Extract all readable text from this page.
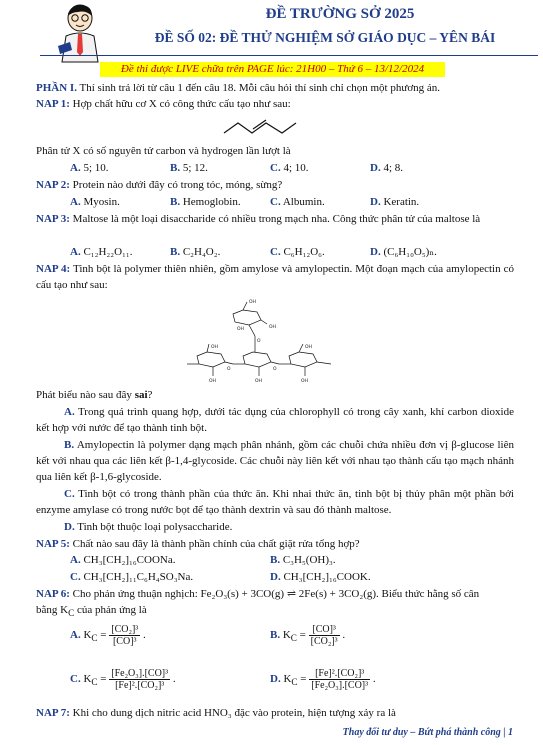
ĐỀ TRƯỜNG SỞ 2025
ĐỀ SỐ 02: ĐỀ THỬ NGHIỆM SỞ GIÁO DỤC – YÊN BÁI
Đề thi được LIVE chữa trên PAGE lúc: 21H00 – Thứ 6 – 13/12/2024
PHẦN I. Thí sinh trả lời từ câu 1 đến câu 18. Mỗi câu hỏi thí sinh chỉ chọn một phương án.
NAP 1: Hợp chất hữu cơ X có công thức cấu tạo như sau:
Phân tử X có số nguyên tử carbon và hydrogen lần lượt là
A. 5; 10.	B. 5; 12.	C. 4; 10.	D. 4; 8.
NAP 2: Protein nào dưới đây có trong tóc, móng, sừng?
A. Myosin.	B. Hemoglobin.	C. Albumin.	D. Keratin.
NAP 3: Maltose là một loại disaccharide có nhiều trong mạch nha. Công thức phân tử của maltose là
A. C₁₂H₂₂O₁₁.	B. C₂H₄O₂.	C. C₆H₁₂O₆.	D. (C₆H₁₀O₅)ₙ.
NAP 4: Tinh bột là polymer thiên nhiên, gồm amylose và amylopectin. Một đoạn mạch của amylopectin có cấu tạo như sau:
OH
OH	OH
O
OH	OH
OH	OH	OH
O	O
Phát biểu nào sau đây sai?
A. Trong quá trình quang hợp, dưới tác dụng của chlorophyll có trong cây xanh, khí carbon dioxide kết hợp với nước để tạo thành tinh bột.
B. Amylopectin là polymer dạng mạch phân nhánh, gồm các chuỗi chứa nhiều đơn vị β-glucose liên kết với nhau qua các liên kết β-1,4-glycoside. Các chuỗi này liên kết với nhau tạo thành cấu tạo mạch nhánh qua liên kết β-1,6-glycoside.
C. Tinh bột có trong thành phần của thức ăn. Khi nhai thức ăn, tinh bột bị thủy phân một phần bởi enzyme amylase có trong nước bọt để tạo thành dextrin và sau đó thành maltose.
D. Tinh bột thuộc loại polysaccharide.
NAP 5: Chất nào sau đây là thành phần chính của chất giặt rửa tổng hợp?
A. CH₃[CH₂]₁₆COONa.	B. C₃H₅(OH)₃.
C. CH₃[CH₂]₁₁C₆H₄SO₃Na.	D. CH₃[CH₂]₁₆COOK.
NAP 6: Cho phản ứng thuận nghịch: Fe₂O₃(s) + 3CO(g) ⇌ 2Fe(s) + 3CO₂(g). Biểu thức hằng số cân
bằng $K_C$ của phản ứng là
A. $K_C = \frac{\text{[CO₂]³}}{\text{[CO]³}}$ .	B. $K_C = \frac{\text{[CO]³}}{\text{[CO₂]³}}$ .
C. $K_C = \frac{\text{[Fe₂O₃].[CO]³}}{\text{[Fe]².[CO₂]³}}$ .	D. $K_C = \frac{\text{[Fe]².[CO₂]³}}{\text{[Fe₂O₃].[CO]³}}$ .
NAP 7: Khi cho dung dịch nitric acid HNO₃ đặc vào protein, hiện tượng xảy ra là
Thay đổi tư duy – Bứt phá thành công | 1
